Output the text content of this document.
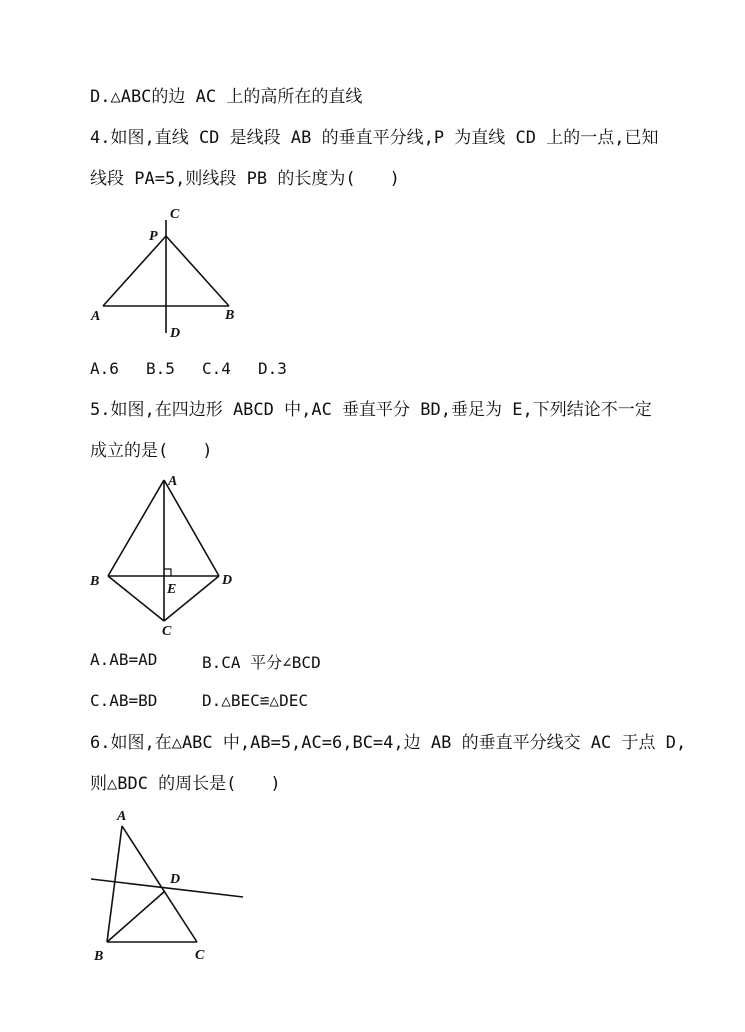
D.△ABC的边 AC 上的高所在的直线
4.如图,直线 CD 是线段 AB 的垂直平分线,P 为直线 CD 上的一点,已知
线段 PA=5,则线段 PB 的长度为(　　)
C
P
A	B
D
A.6 B.5 C.4 D.3
5.如图,在四边形 ABCD 中,AC 垂直平分 BD,垂足为 E,下列结论不一定
成立的是(　　)
A
B
E
D
C
A.AB=AD	B.CA 平分∠BCD
C.AB=BD	D.△BEC≌△DEC
6.如图,在△ABC 中,AB=5,AC=6,BC=4,边 AB 的垂直平分线交 AC 于点 D,
则△BDC 的周长是(　　)
A
D
B	C
